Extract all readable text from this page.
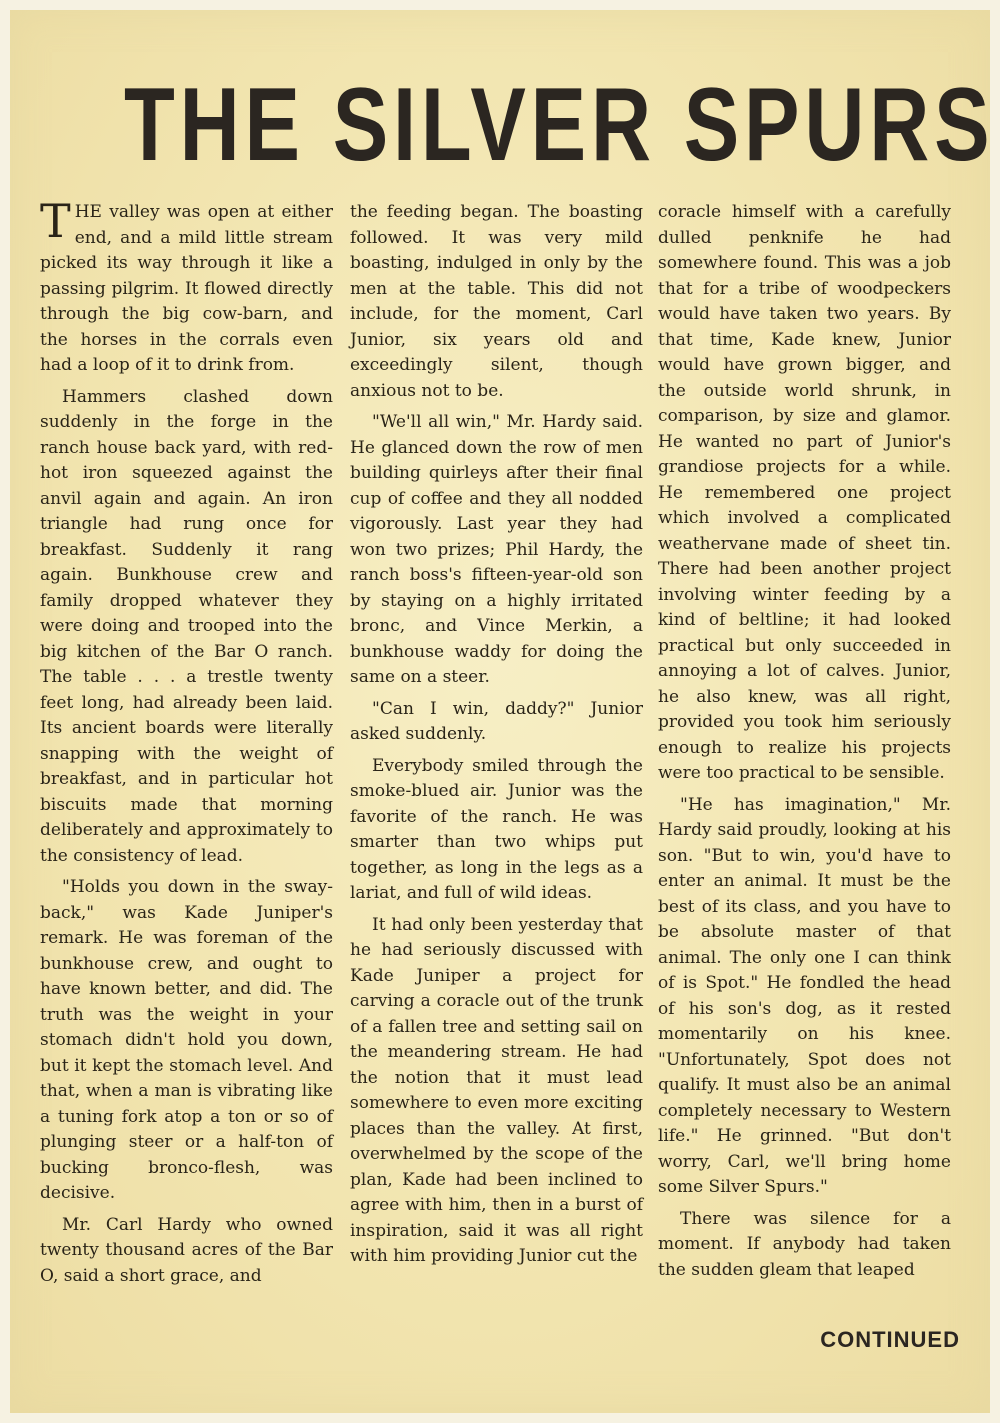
THE SILVER SPURS

THE valley was open at either end, and a mild little stream picked its way through it like a passing pilgrim. It flowed directly through the big cow-barn, and the horses in the corrals even had a loop of it to drink from.

Hammers clashed down suddenly in the forge in the ranch house back yard, with red-hot iron squeezed against the anvil again and again. An iron triangle had rung once for breakfast. Suddenly it rang again. Bunkhouse crew and family dropped whatever they were doing and trooped into the big kitchen of the Bar O ranch. The table . . . a trestle twenty feet long, had already been laid. Its ancient boards were literally snapping with the weight of breakfast, and in particular hot biscuits made that morning deliberately and approximately to the consistency of lead.

"Holds you down in the sway-back," was Kade Juniper's remark. He was foreman of the bunkhouse crew, and ought to have known better, and did. The truth was the weight in your stomach didn't hold you down, but it kept the stomach level. And that, when a man is vibrating like a tuning fork atop a ton or so of plunging steer or a half-ton of bucking bronco-flesh, was decisive.

Mr. Carl Hardy who owned twenty thousand acres of the Bar O, said a short grace, and

the feeding began. The boasting followed. It was very mild boasting, indulged in only by the men at the table. This did not include, for the moment, Carl Junior, six years old and exceedingly silent, though anxious not to be.

"We'll all win," Mr. Hardy said. He glanced down the row of men building quirleys after their final cup of coffee and they all nodded vigorously. Last year they had won two prizes; Phil Hardy, the ranch boss's fifteen-year-old son by staying on a highly irritated bronc, and Vince Merkin, a bunkhouse waddy for doing the same on a steer.

"Can I win, daddy?" Junior asked suddenly.

Everybody smiled through the smoke-blued air. Junior was the favorite of the ranch. He was smarter than two whips put together, as long in the legs as a lariat, and full of wild ideas.

It had only been yesterday that he had seriously discussed with Kade Juniper a project for carving a coracle out of the trunk of a fallen tree and setting sail on the meandering stream. He had the notion that it must lead somewhere to even more exciting places than the valley. At first, overwhelmed by the scope of the plan, Kade had been inclined to agree with him, then in a burst of inspiration, said it was all right with him providing Junior cut the

coracle himself with a carefully dulled penknife he had somewhere found. This was a job that for a tribe of woodpeckers would have taken two years. By that time, Kade knew, Junior would have grown bigger, and the outside world shrunk, in comparison, by size and glamor. He wanted no part of Junior's grandiose projects for a while. He remembered one project which involved a complicated weathervane made of sheet tin. There had been another project involving winter feeding by a kind of beltline; it had looked practical but only succeeded in annoying a lot of calves. Junior, he also knew, was all right, provided you took him seriously enough to realize his projects were too practical to be sensible.

"He has imagination," Mr. Hardy said proudly, looking at his son. "But to win, you'd have to enter an animal. It must be the best of its class, and you have to be absolute master of that animal. The only one I can think of is Spot." He fondled the head of his son's dog, as it rested momentarily on his knee. "Unfortunately, Spot does not qualify. It must also be an animal completely necessary to Western life." He grinned. "But don't worry, Carl, we'll bring home some Silver Spurs."

There was silence for a moment. If anybody had taken the sudden gleam that leaped

CONTINUED
